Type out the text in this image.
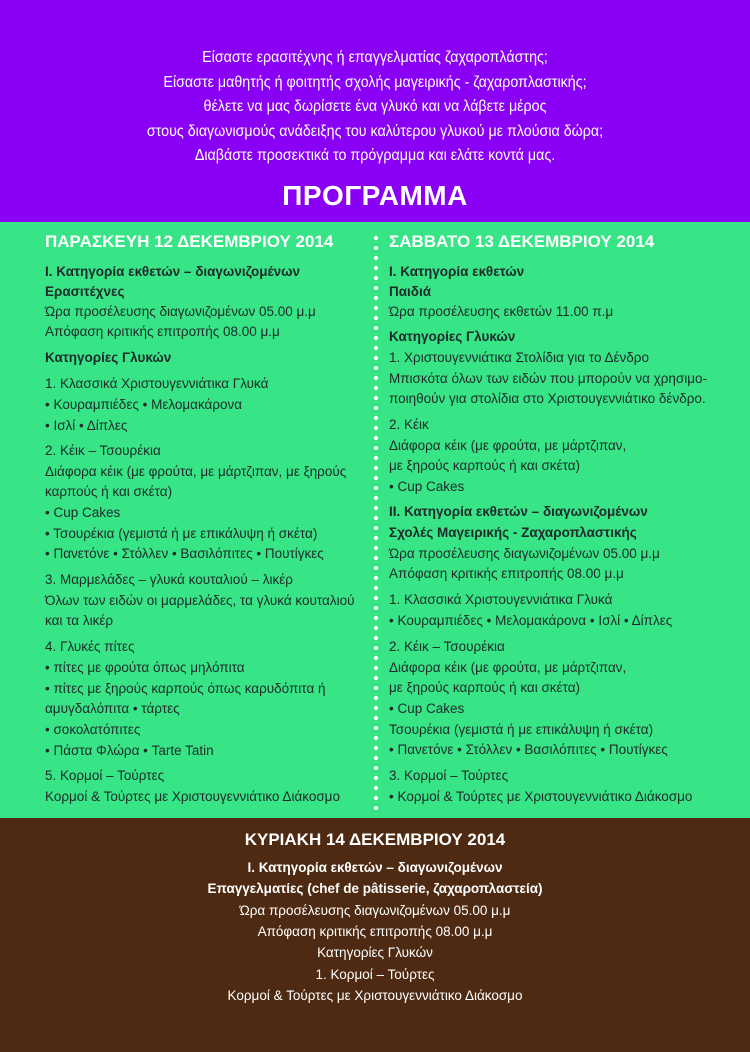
Είσαστε ερασιτέχνης ή επαγγελματίας ζαχαροπλάστης;
Είσαστε μαθητής ή φοιτητής σχολής μαγειρικής - ζαχαροπλαστικής;
θέλετε να μας δωρίσετε ένα γλυκό και να λάβετε μέρος
στους διαγωνισμούς ανάδειξης του καλύτερου γλυκού με πλούσια δώρα;
Διαβάστε προσεκτικά το πρόγραμμα και ελάτε κοντά μας.
ΠΡΟΓΡΑΜΜΑ
ΠΑΡΑΣΚΕΥΗ 12 ΔΕΚΕΜΒΡΙΟΥ 2014
I. Κατηγορία εκθετών – διαγωνιζομένων
Ερασιτέχνες
Ώρα προσέλευσης διαγωνιζομένων 05.00 μ.μ
Απόφαση κριτικής επιτροπής 08.00 μ.μ
Κατηγορίες Γλυκών
1. Κλασσικά Χριστουγεννιάτικα Γλυκά
• Κουραμπιέδες • Μελομακάρονα
• Ισλί • Δίπλες
2. Κέικ – Τσουρέκια
Διάφορα κέικ (με φρούτα, με μάρτζιπαν, με ξηρούς
καρπούς ή και σκέτα)
• Cup Cakes
• Τσουρέκια (γεμιστά ή με επικάλυψη ή σκέτα)
• Πανετόνε • Στόλλεν • Βασιλόπιτες • Πουτίγκες
3. Μαρμελάδες – γλυκά κουταλιού – λικέρ
Όλων των ειδών οι μαρμελάδες, τα γλυκά κουταλιού
και τα λικέρ
4. Γλυκές πίτες
• πίτες με φρούτα όπως μηλόπιτα
• πίτες με ξηρούς καρπούς όπως καρυδόπιτα ή
αμυγδαλόπιτα • τάρτες
• σοκολατόπιτες
• Πάστα Φλώρα • Tarte Tatin
5. Κορμοί – Τούρτες
Κορμοί & Τούρτες με Χριστουγεννιάτικο Διάκοσμο
ΣΑΒΒΑΤΟ 13 ΔΕΚΕΜΒΡΙΟΥ 2014
I. Κατηγορία εκθετών
Παιδιά
Ώρα προσέλευσης εκθετών 11.00 π.μ
Κατηγορίες Γλυκών
1. Χριστουγεννιάτικα Στολίδια για το Δένδρο
Μπισκότα όλων των ειδών που μπορούν να χρησιμο-
ποιηθούν για στολίδια στο Χριστουγεννιάτικο δένδρο.
2. Κέικ
Διάφορα κέικ (με φρούτα, με μάρτζιπαν,
με ξηρούς καρπούς ή και σκέτα)
• Cup Cakes
II. Κατηγορία εκθετών – διαγωνιζομένων
Σχολές Μαγειρικής - Ζαχαροπλαστικής
Ώρα προσέλευσης διαγωνιζομένων 05.00 μ.μ
Απόφαση κριτικής επιτροπής 08.00 μ.μ
1. Κλασσικά Χριστουγεννιάτικα Γλυκά
• Κουραμπιέδες • Μελομακάρονα • Ισλί • Δίπλες
2. Κέικ – Τσουρέκια
Διάφορα κέικ (με φρούτα, με μάρτζιπαν,
με ξηρούς καρπούς ή και σκέτα)
• Cup Cakes
Τσουρέκια (γεμιστά ή με επικάλυψη ή σκέτα)
• Πανετόνε • Στόλλεν • Βασιλόπιτες • Πουτίγκες
3. Κορμοί – Τούρτες
• Κορμοί & Τούρτες με Χριστουγεννιάτικο Διάκοσμο
ΚΥΡΙΑΚΗ 14 ΔΕΚΕΜΒΡΙΟΥ 2014
I. Κατηγορία εκθετών – διαγωνιζομένων
Επαγγελματίες (chef de pâtisserie, ζαχαροπλαστεία)
Ώρα προσέλευσης διαγωνιζομένων 05.00 μ.μ
Απόφαση κριτικής επιτροπής 08.00 μ.μ
Κατηγορίες Γλυκών
1. Κορμοί – Τούρτες
Κορμοί & Τούρτες με Χριστουγεννιάτικο Διάκοσμο
